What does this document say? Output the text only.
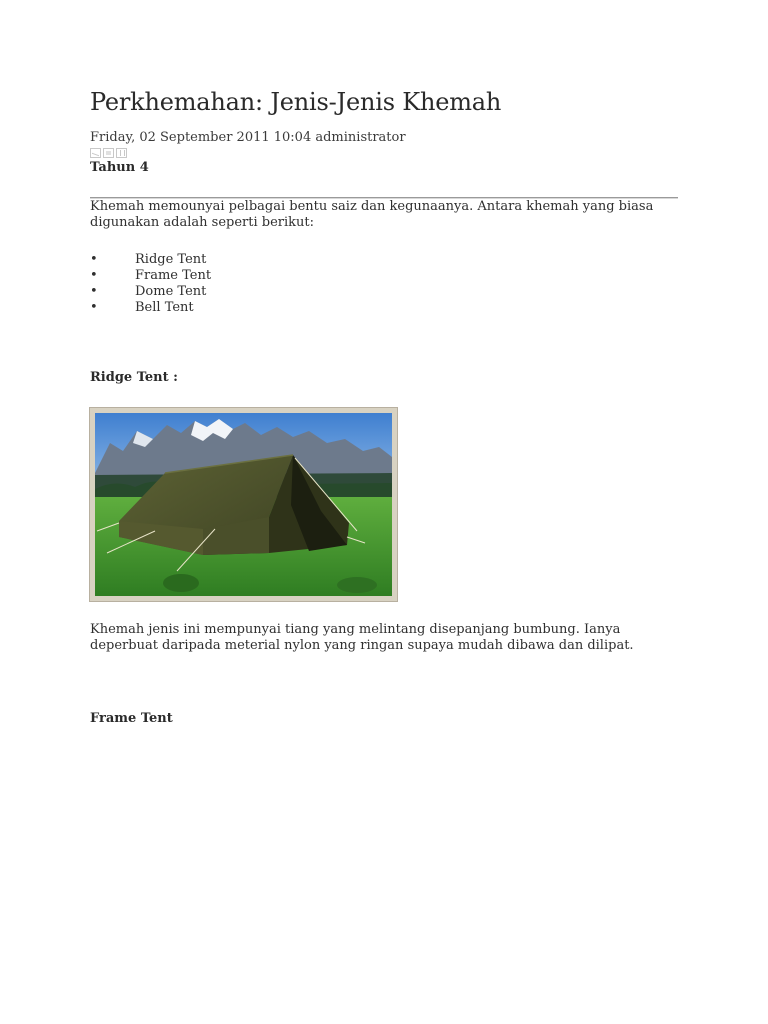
Perkhemahan: Jenis-Jenis Khemah
Friday, 02 September 2011 10:04 administrator
Tahun 4

Khemah memounyai pelbagai bentu saiz dan kegunaanya. Antara khemah yang biasa digunakan adalah seperti berikut:

•	Ridge Tent
•	Frame Tent
•	Dome Tent
•	Bell Tent
Ridge Tent :

Khemah jenis ini mempunyai tiang yang melintang disepanjang bumbung. Ianya deperbuat daripada meterial nylon yang ringan supaya mudah dibawa dan dilipat.

Frame Tent
